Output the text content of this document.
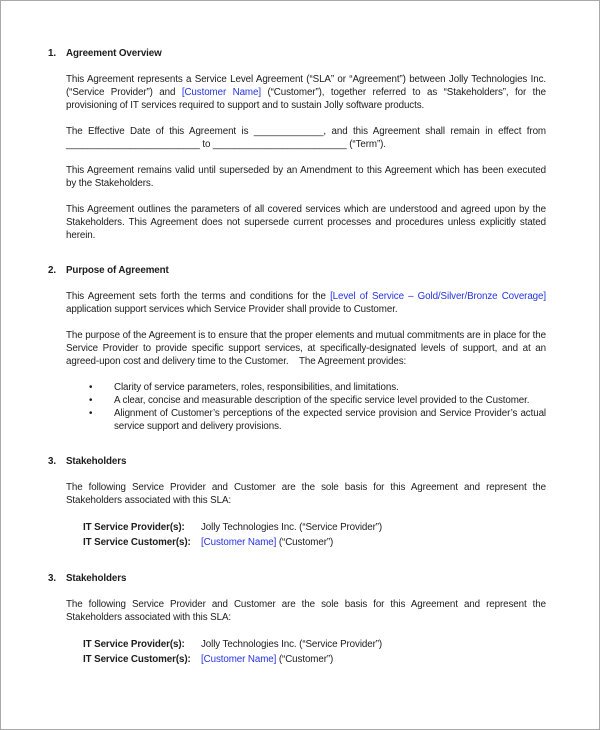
1.	Agreement Overview

This Agreement represents a Service Level Agreement (“SLA” or “Agreement”) between Jolly Technologies Inc. (“Service Provider”) and [Customer Name] (“Customer”), together referred to as “Stakeholders”, for the provisioning of IT services required to support and to sustain Jolly software products.

The Effective Date of this Agreement is _____________, and this Agreement shall remain in effect from _________________________ to _________________________ (“Term”).

This Agreement remains valid until superseded by an Amendment to this Agreement which has been executed by the Stakeholders.

This Agreement outlines the parameters of all covered services which are understood and agreed upon by the Stakeholders. This Agreement does not supersede current processes and procedures unless explicitly stated herein.

2.	Purpose of Agreement

This Agreement sets forth the terms and conditions for the [Level of Service – Gold/Silver/Bronze Coverage] application support services which Service Provider shall provide to Customer.

The purpose of the Agreement is to ensure that the proper elements and mutual commitments are in place for the Service Provider to provide specific support services, at specifically-designated levels of support, and at an agreed-upon cost and delivery time to the Customer.    The Agreement provides:

• Clarity of service parameters, roles, responsibilities, and limitations.
• A clear, concise and measurable description of the specific service level provided to the Customer.
• Alignment of Customer’s perceptions of the expected service provision and Service Provider’s actual service support and delivery provisions.
3.	Stakeholders

The following Service Provider and Customer are the sole basis for this Agreement and represent the Stakeholders associated with this SLA:

IT Service Provider(s):	Jolly Technologies Inc. (“Service Provider”)
IT Service Customer(s):	[Customer Name] (“Customer”)
3.	Stakeholders

The following Service Provider and Customer are the sole basis for this Agreement and represent the Stakeholders associated with this SLA:

IT Service Provider(s):	Jolly Technologies Inc. (“Service Provider”)
IT Service Customer(s):	[Customer Name] (“Customer”)
